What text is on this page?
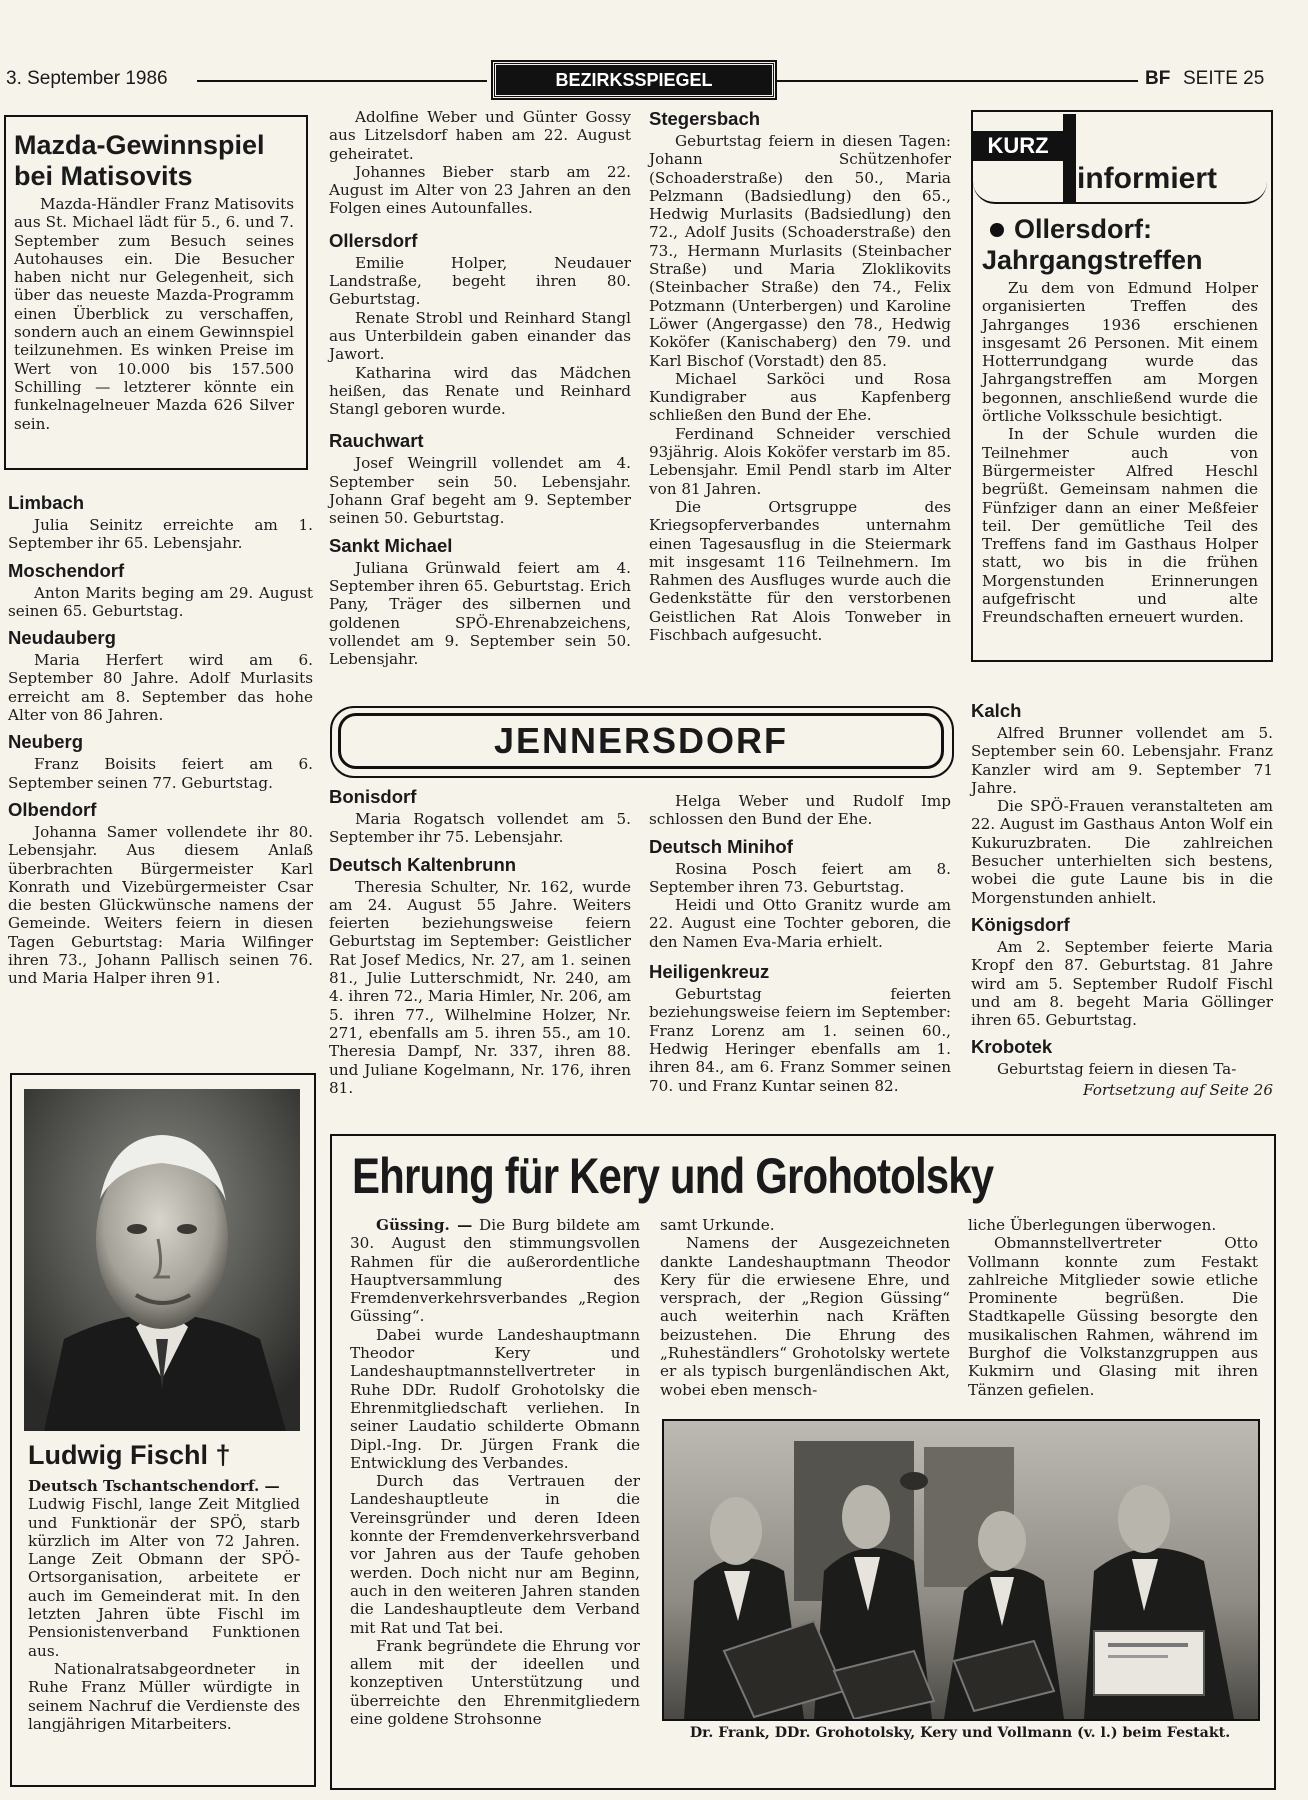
3. September 1986	BEZIRKSSPIEGEL	BF SEITE 25
Mazda-Gewinnspiel
bei Matisovits

Mazda-Händler Franz Matisovits aus St. Michael lädt für 5., 6. und 7. September zum Besuch seines Autohauses ein. Die Besucher haben nicht nur Gelegenheit, sich über das neueste Mazda-Programm einen Überblick zu verschaffen, sondern auch an einem Gewinnspiel teilzunehmen. Es winken Preise im Wert von 10.000 bis 157.500 Schilling — letzterer könnte ein funkelnagelneuer Mazda 626 Silver sein.

Limbach

Julia Seinitz erreichte am 1. September ihr 65. Lebensjahr.

Moschendorf

Anton Marits beging am 29. August seinen 65. Geburtstag.

Neudauberg

Maria Herfert wird am 6. September 80 Jahre. Adolf Murlasits erreicht am 8. September das hohe Alter von 86 Jahren.

Neuberg

Franz Boisits feiert am 6. September seinen 77. Geburtstag.

Olbendorf

Johanna Samer vollendete ihr 80. Lebensjahr. Aus diesem Anlaß überbrachten Bürgermeister Karl Konrath und Vizebürgermeister Csar die besten Glückwünsche namens der Gemeinde. Weiters feiern in diesen Tagen Geburtstag: Maria Wilfinger ihren 73., Johann Pallisch seinen 76. und Maria Halper ihren 91.

Ludwig Fischl †
Deutsch Tschantschendorf. —
Ludwig Fischl, lange Zeit Mitglied und Funktionär der SPÖ, starb kürzlich im Alter von 72 Jahren. Lange Zeit Obmann der SPÖ-Ortsorganisation, arbeitete er auch im Gemeinderat mit. In den letzten Jahren übte Fischl im Pensionistenverband Funktionen aus.

Nationalratsabgeordneter in Ruhe Franz Müller würdigte in seinem Nachruf die Verdienste des langjährigen Mitarbeiters.

Adolfine Weber und Günter Gossy aus Litzelsdorf haben am 22. August geheiratet.

Johannes Bieber starb am 22. August im Alter von 23 Jahren an den Folgen eines Autounfalles.

Ollersdorf

Emilie Holper, Neudauer Landstraße, begeht ihren 80. Geburtstag.

Renate Strobl und Reinhard Stangl aus Unterbildein gaben einander das Jawort.

Katharina wird das Mädchen heißen, das Renate und Reinhard Stangl geboren wurde.

Rauchwart

Josef Weingrill vollendet am 4. September sein 50. Lebensjahr. Johann Graf begeht am 9. September seinen 50. Geburtstag.

Sankt Michael

Juliana Grünwald feiert am 4. September ihren 65. Geburtstag. Erich Pany, Träger des silbernen und goldenen SPÖ-Ehrenabzeichens, vollendet am 9. September sein 50. Lebensjahr.

Stegersbach

Geburtstag feiern in diesen Tagen: Johann Schützenhofer (Schoaderstraße) den 50., Maria Pelzmann (Badsiedlung) den 65., Hedwig Murlasits (Badsiedlung) den 72., Adolf Jusits (Schoaderstraße) den 73., Hermann Murlasits (Steinbacher Straße) und Maria Zloklikovits (Steinbacher Straße) den 74., Felix Potzmann (Unterbergen) und Karoline Löwer (Angergasse) den 78., Hedwig Koköfer (Kanischaberg) den 79. und Karl Bischof (Vorstadt) den 85.

Michael Sarköci und Rosa Kundigraber aus Kapfenberg schließen den Bund der Ehe.

Ferdinand Schneider verschied 93jährig. Alois Koköfer verstarb im 85. Lebensjahr. Emil Pendl starb im Alter von 81 Jahren.

Die Ortsgruppe des Kriegsopferverbandes unternahm einen Tagesausflug in die Steiermark mit insgesamt 116 Teilnehmern. Im Rahmen des Ausfluges wurde auch die Gedenkstätte für den verstorbenen Geistlichen Rat Alois Tonweber in Fischbach aufgesucht.

KURZ
informiert
Ollersdorf:
Jahrgangstreffen

Zu dem von Edmund Holper organisierten Treffen des Jahrganges 1936 erschienen insgesamt 26 Personen. Mit einem Hotterrundgang wurde das Jahrgangstreffen am Morgen begonnen, anschließend wurde die örtliche Volksschule besichtigt.

In der Schule wurden die Teilnehmer auch von Bürgermeister Alfred Heschl begrüßt. Gemeinsam nahmen die Fünfziger dann an einer Meßfeier teil. Der gemütliche Teil des Treffens fand im Gasthaus Holper statt, wo bis in die frühen Morgenstunden Erinnerungen aufgefrischt und alte Freundschaften erneuert wurden.

JENNERSDORF
Bonisdorf

Maria Rogatsch vollendet am 5. September ihr 75. Lebensjahr.

Deutsch Kaltenbrunn

Theresia Schulter, Nr. 162, wurde am 24. August 55 Jahre. Weiters feierten beziehungsweise feiern Geburtstag im September: Geistlicher Rat Josef Medics, Nr. 27, am 1. seinen 81., Julie Lutterschmidt, Nr. 240, am 4. ihren 72., Maria Himler, Nr. 206, am 5. ihren 77., Wilhelmine Holzer, Nr. 271, ebenfalls am 5. ihren 55., am 10. Theresia Dampf, Nr. 337, ihren 88. und Juliane Kogelmann, Nr. 176, ihren 81.

Helga Weber und Rudolf Imp schlossen den Bund der Ehe.

Deutsch Minihof

Rosina Posch feiert am 8. September ihren 73. Geburtstag.

Heidi und Otto Granitz wurde am 22. August eine Tochter geboren, die den Namen Eva-Maria erhielt.

Heiligenkreuz

Geburtstag feierten beziehungsweise feiern im September: Franz Lorenz am 1. seinen 60., Hedwig Heringer ebenfalls am 1. ihren 84., am 6. Franz Sommer seinen 70. und Franz Kuntar seinen 82.

Kalch

Alfred Brunner vollendet am 5. September sein 60. Lebensjahr. Franz Kanzler wird am 9. September 71 Jahre.

Die SPÖ-Frauen veranstalteten am 22. August im Gasthaus Anton Wolf ein Kukuruzbraten. Die zahlreichen Besucher unterhielten sich bestens, wobei die gute Laune bis in die Morgenstunden anhielt.

Königsdorf

Am 2. September feierte Maria Kropf den 87. Geburtstag. 81 Jahre wird am 5. September Rudolf Fischl und am 8. begeht Maria Göllinger ihren 65. Geburtstag.

Krobotek

Geburtstag feiern in diesen Ta-

Fortsetzung auf Seite 26
Ehrung für Kery und Grohotolsky

Güssing. — Die Burg bildete am 30. August den stimmungsvollen Rahmen für die außerordentliche Hauptversammlung des Fremdenverkehrsverbandes „Region Güssing“.

Dabei wurde Landeshauptmann Theodor Kery und Landeshauptmannstellvertreter in Ruhe DDr. Rudolf Grohotolsky die Ehrenmitgliedschaft verliehen. In seiner Laudatio schilderte Obmann Dipl.-Ing. Dr. Jürgen Frank die Entwicklung des Verbandes.

Durch das Vertrauen der Landeshauptleute in die Vereinsgründer und deren Ideen konnte der Fremdenverkehrsverband vor Jahren aus der Taufe gehoben werden. Doch nicht nur am Beginn, auch in den weiteren Jahren standen die Landeshauptleute dem Verband mit Rat und Tat bei.

Frank begründete die Ehrung vor allem mit der ideellen und konzeptiven Unterstützung und überreichte den Ehrenmitgliedern eine goldene Strohsonne

samt Urkunde.

Namens der Ausgezeichneten dankte Landeshauptmann Theodor Kery für die erwiesene Ehre, und versprach, der „Region Güssing“ auch weiterhin nach Kräften beizustehen. Die Ehrung des „Ruheständlers“ Grohotolsky wertete er als typisch burgenländischen Akt, wobei eben mensch-

liche Überlegungen überwogen.

Obmannstellvertreter Otto Vollmann konnte zum Festakt zahlreiche Mitglieder sowie etliche Prominente begrüßen. Die Stadtkapelle Güssing besorgte den musikalischen Rahmen, während im Burghof die Volkstanzgruppen aus Kukmirn und Glasing mit ihren Tänzen gefielen.

Dr. Frank, DDr. Grohotolsky, Kery und Vollmann (v. l.) beim Festakt.
